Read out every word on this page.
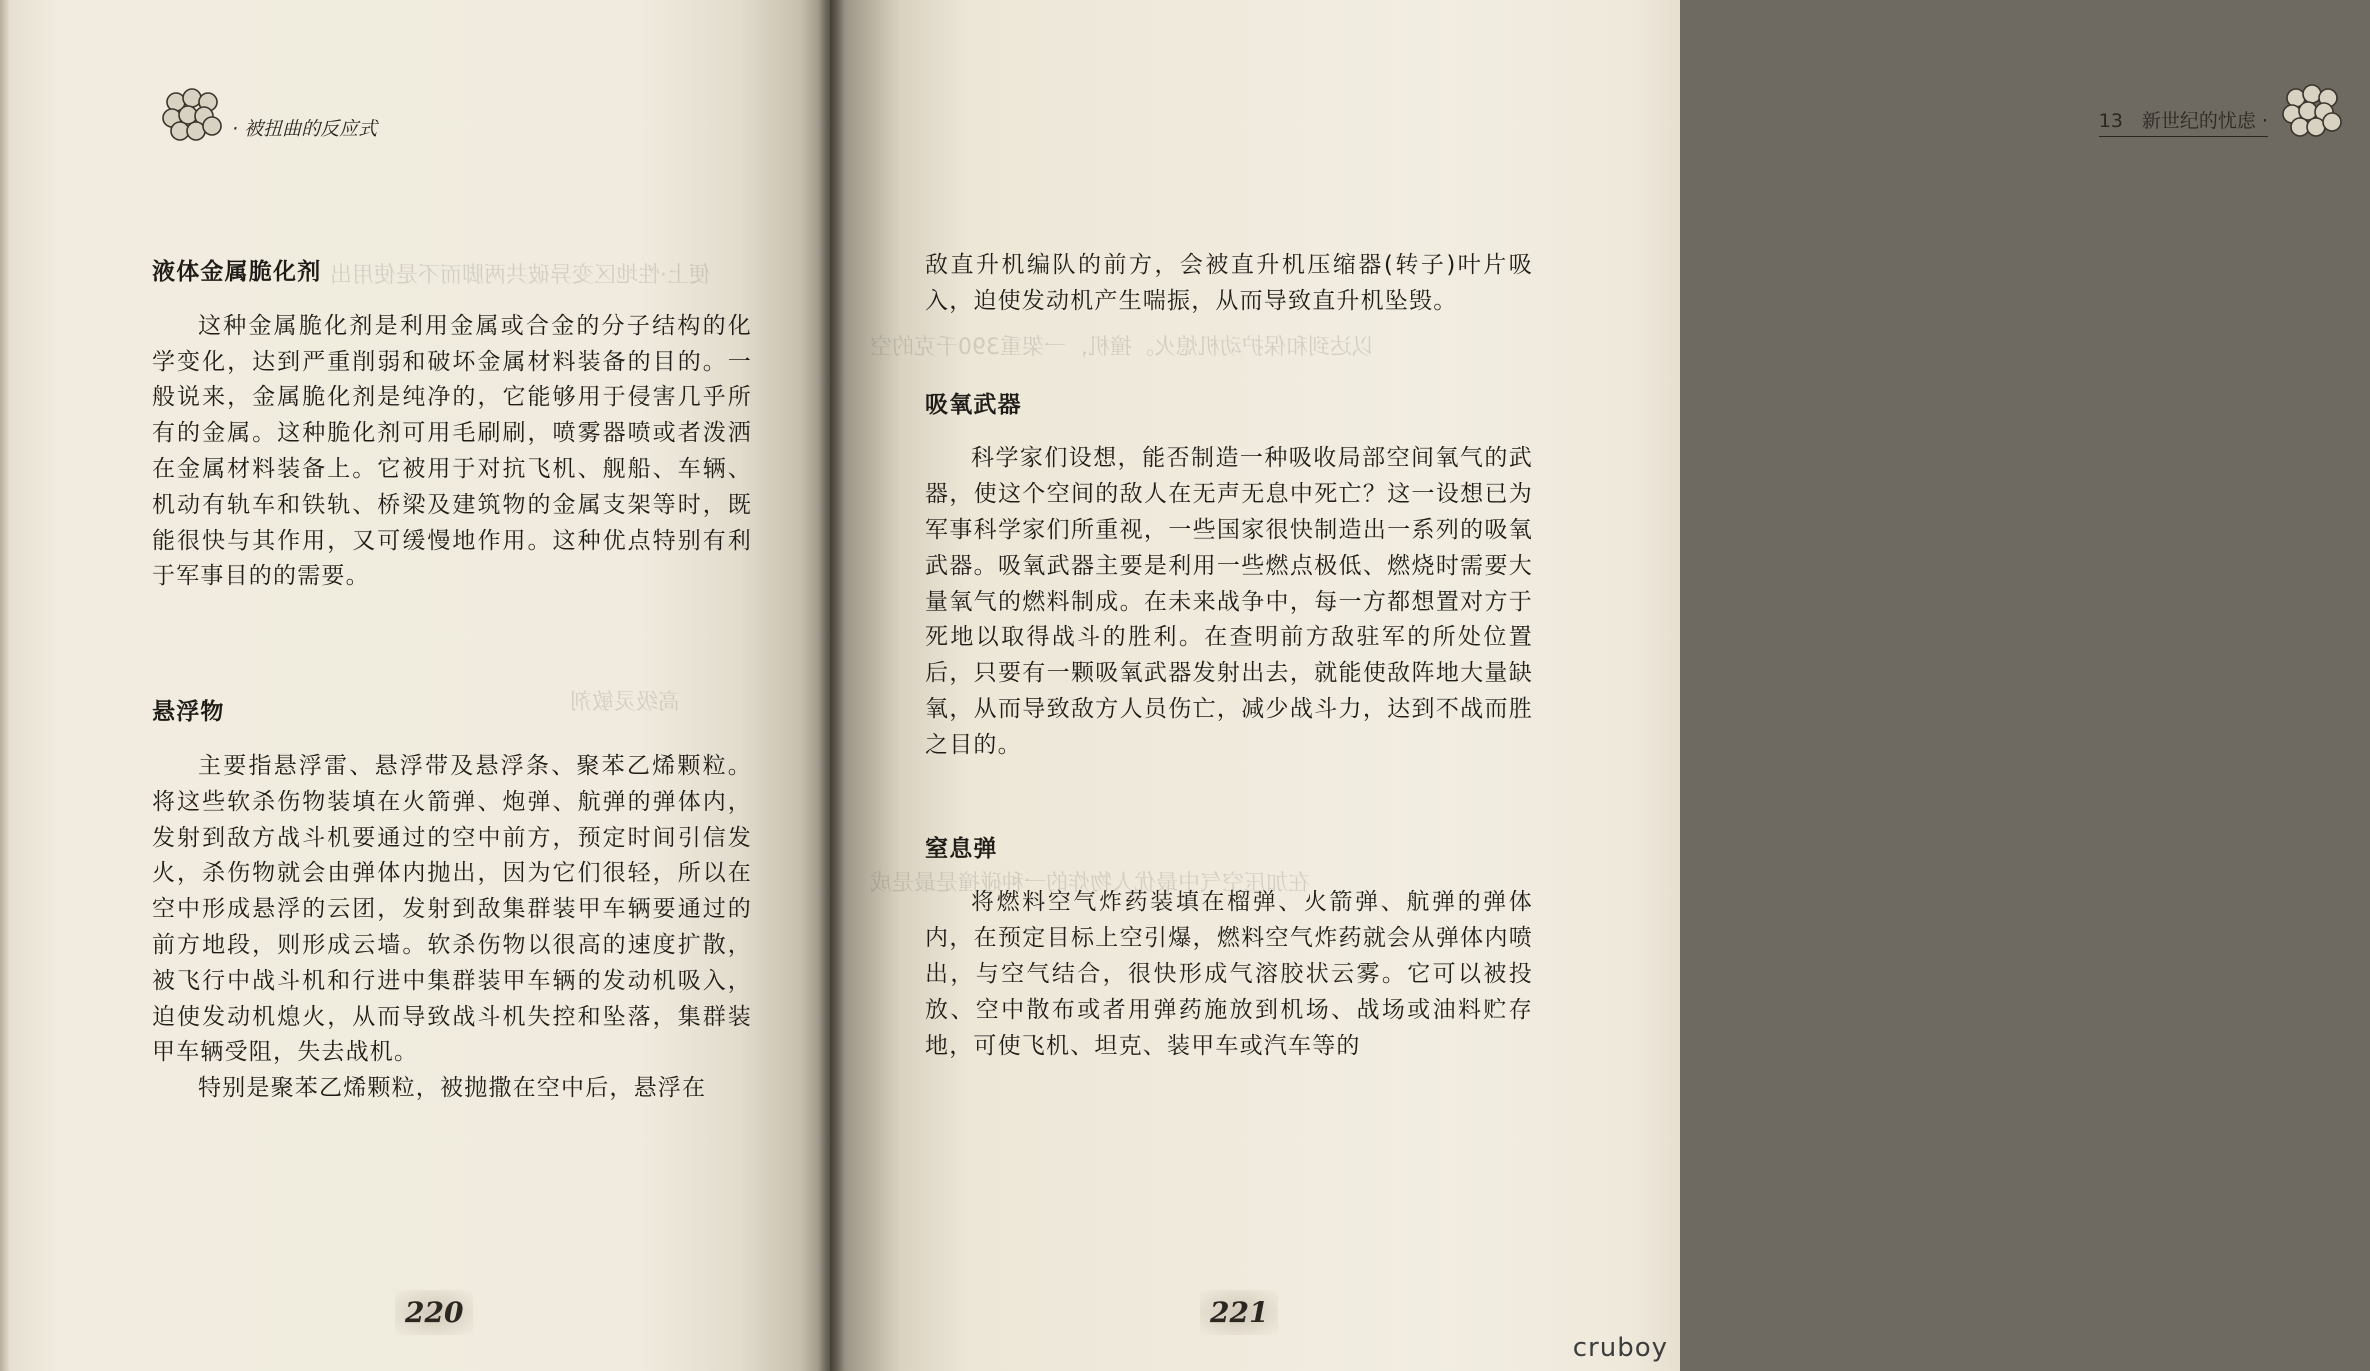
便上·性地区变异破共两脚而不是使用出
高级灵敏剂
· 被扭曲的反应式

液体金属脆化剂

这种金属脆化剂是利用金属或合金的分子结构的化学变化，达到严重削弱和破坏金属材料装备的目的。一般说来，金属脆化剂是纯净的，它能够用于侵害几乎所有的金属。这种脆化剂可用毛刷刷，喷雾器喷或者泼洒在金属材料装备上。它被用于对抗飞机、舰船、车辆、机动有轨车和铁轨、桥梁及建筑物的金属支架等时，既能很快与其作用，又可缓慢地作用。这种优点特别有利于军事目的的需要。

悬浮物

主要指悬浮雷、悬浮带及悬浮条、聚苯乙烯颗粒。将这些软杀伤物装填在火箭弹、炮弹、航弹的弹体内，发射到敌方战斗机要通过的空中前方，预定时间引信发火，杀伤物就会由弹体内抛出，因为它们很轻，所以在空中形成悬浮的云团，发射到敌集群装甲车辆要通过的前方地段，则形成云墙。软杀伤物以很高的速度扩散，被飞行中战斗机和行进中集群装甲车辆的发动机吸入，迫使发动机熄火，从而导致战斗机失控和坠落，集群装甲车辆受阻，失去战机。

特别是聚苯乙烯颗粒，被抛撒在空中后，悬浮在

220
以达到和保护动机熄火。撞机，一架重390千克的空
在加压空气中最优人物炸的一种碰撞是最是成
13　新世纪的忧虑 ·

敌直升机编队的前方，会被直升机压缩器(转子)叶片吸入，迫使发动机产生喘振，从而导致直升机坠毁。

吸氧武器

科学家们设想，能否制造一种吸收局部空间氧气的武器，使这个空间的敌人在无声无息中死亡？这一设想已为军事科学家们所重视，一些国家很快制造出一系列的吸氧武器。吸氧武器主要是利用一些燃点极低、燃烧时需要大量氧气的燃料制成。在未来战争中，每一方都想置对方于死地以取得战斗的胜利。在查明前方敌驻军的所处位置后，只要有一颗吸氧武器发射出去，就能使敌阵地大量缺氧，从而导致敌方人员伤亡，减少战斗力，达到不战而胜之目的。

窒息弹

将燃料空气炸药装填在榴弹、火箭弹、航弹的弹体内，在预定目标上空引爆，燃料空气炸药就会从弹体内喷出，与空气结合，很快形成气溶胶状云雾。它可以被投放、空中散布或者用弹药施放到机场、战场或油料贮存地，可使飞机、坦克、装甲车或汽车等的

221
cruboy
